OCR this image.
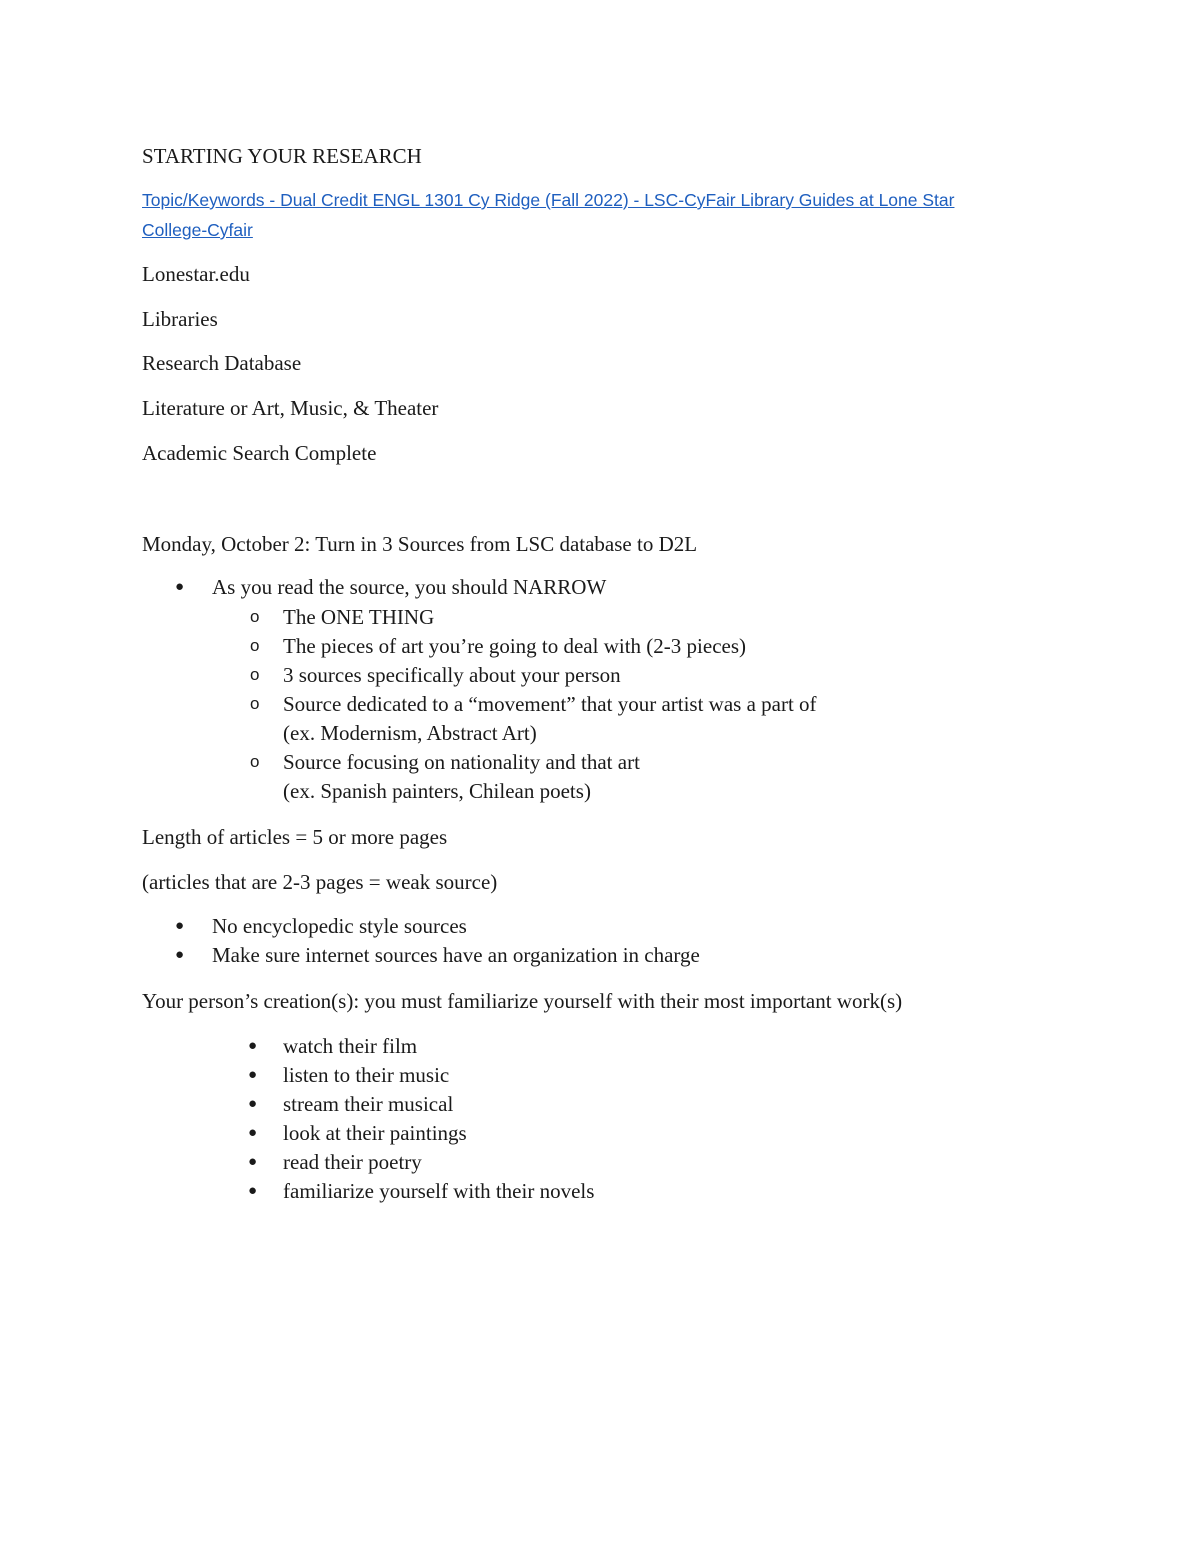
STARTING YOUR RESEARCH
Topic/Keywords - Dual Credit ENGL 1301 Cy Ridge (Fall 2022) - LSC-CyFair Library Guides at Lone Star
College-Cyfair
Lonestar.edu
Libraries
Research Database
Literature or Art, Music, & Theater
Academic Search Complete
Monday, October 2: Turn in 3 Sources from LSC database to D2L
● As you read the source, you should NARROW
o The ONE THING
o The pieces of art you’re going to deal with (2-3 pieces)
o 3 sources specifically about your person
o Source dedicated to a “movement” that your artist was a part of
(ex. Modernism, Abstract Art)
o Source focusing on nationality and that art
(ex. Spanish painters, Chilean poets)
Length of articles = 5 or more pages
(articles that are 2-3 pages = weak source)
● No encyclopedic style sources
● Make sure internet sources have an organization in charge
Your person’s creation(s): you must familiarize yourself with their most important work(s)
● watch their film
● listen to their music
● stream their musical
● look at their paintings
● read their poetry
● familiarize yourself with their novels
